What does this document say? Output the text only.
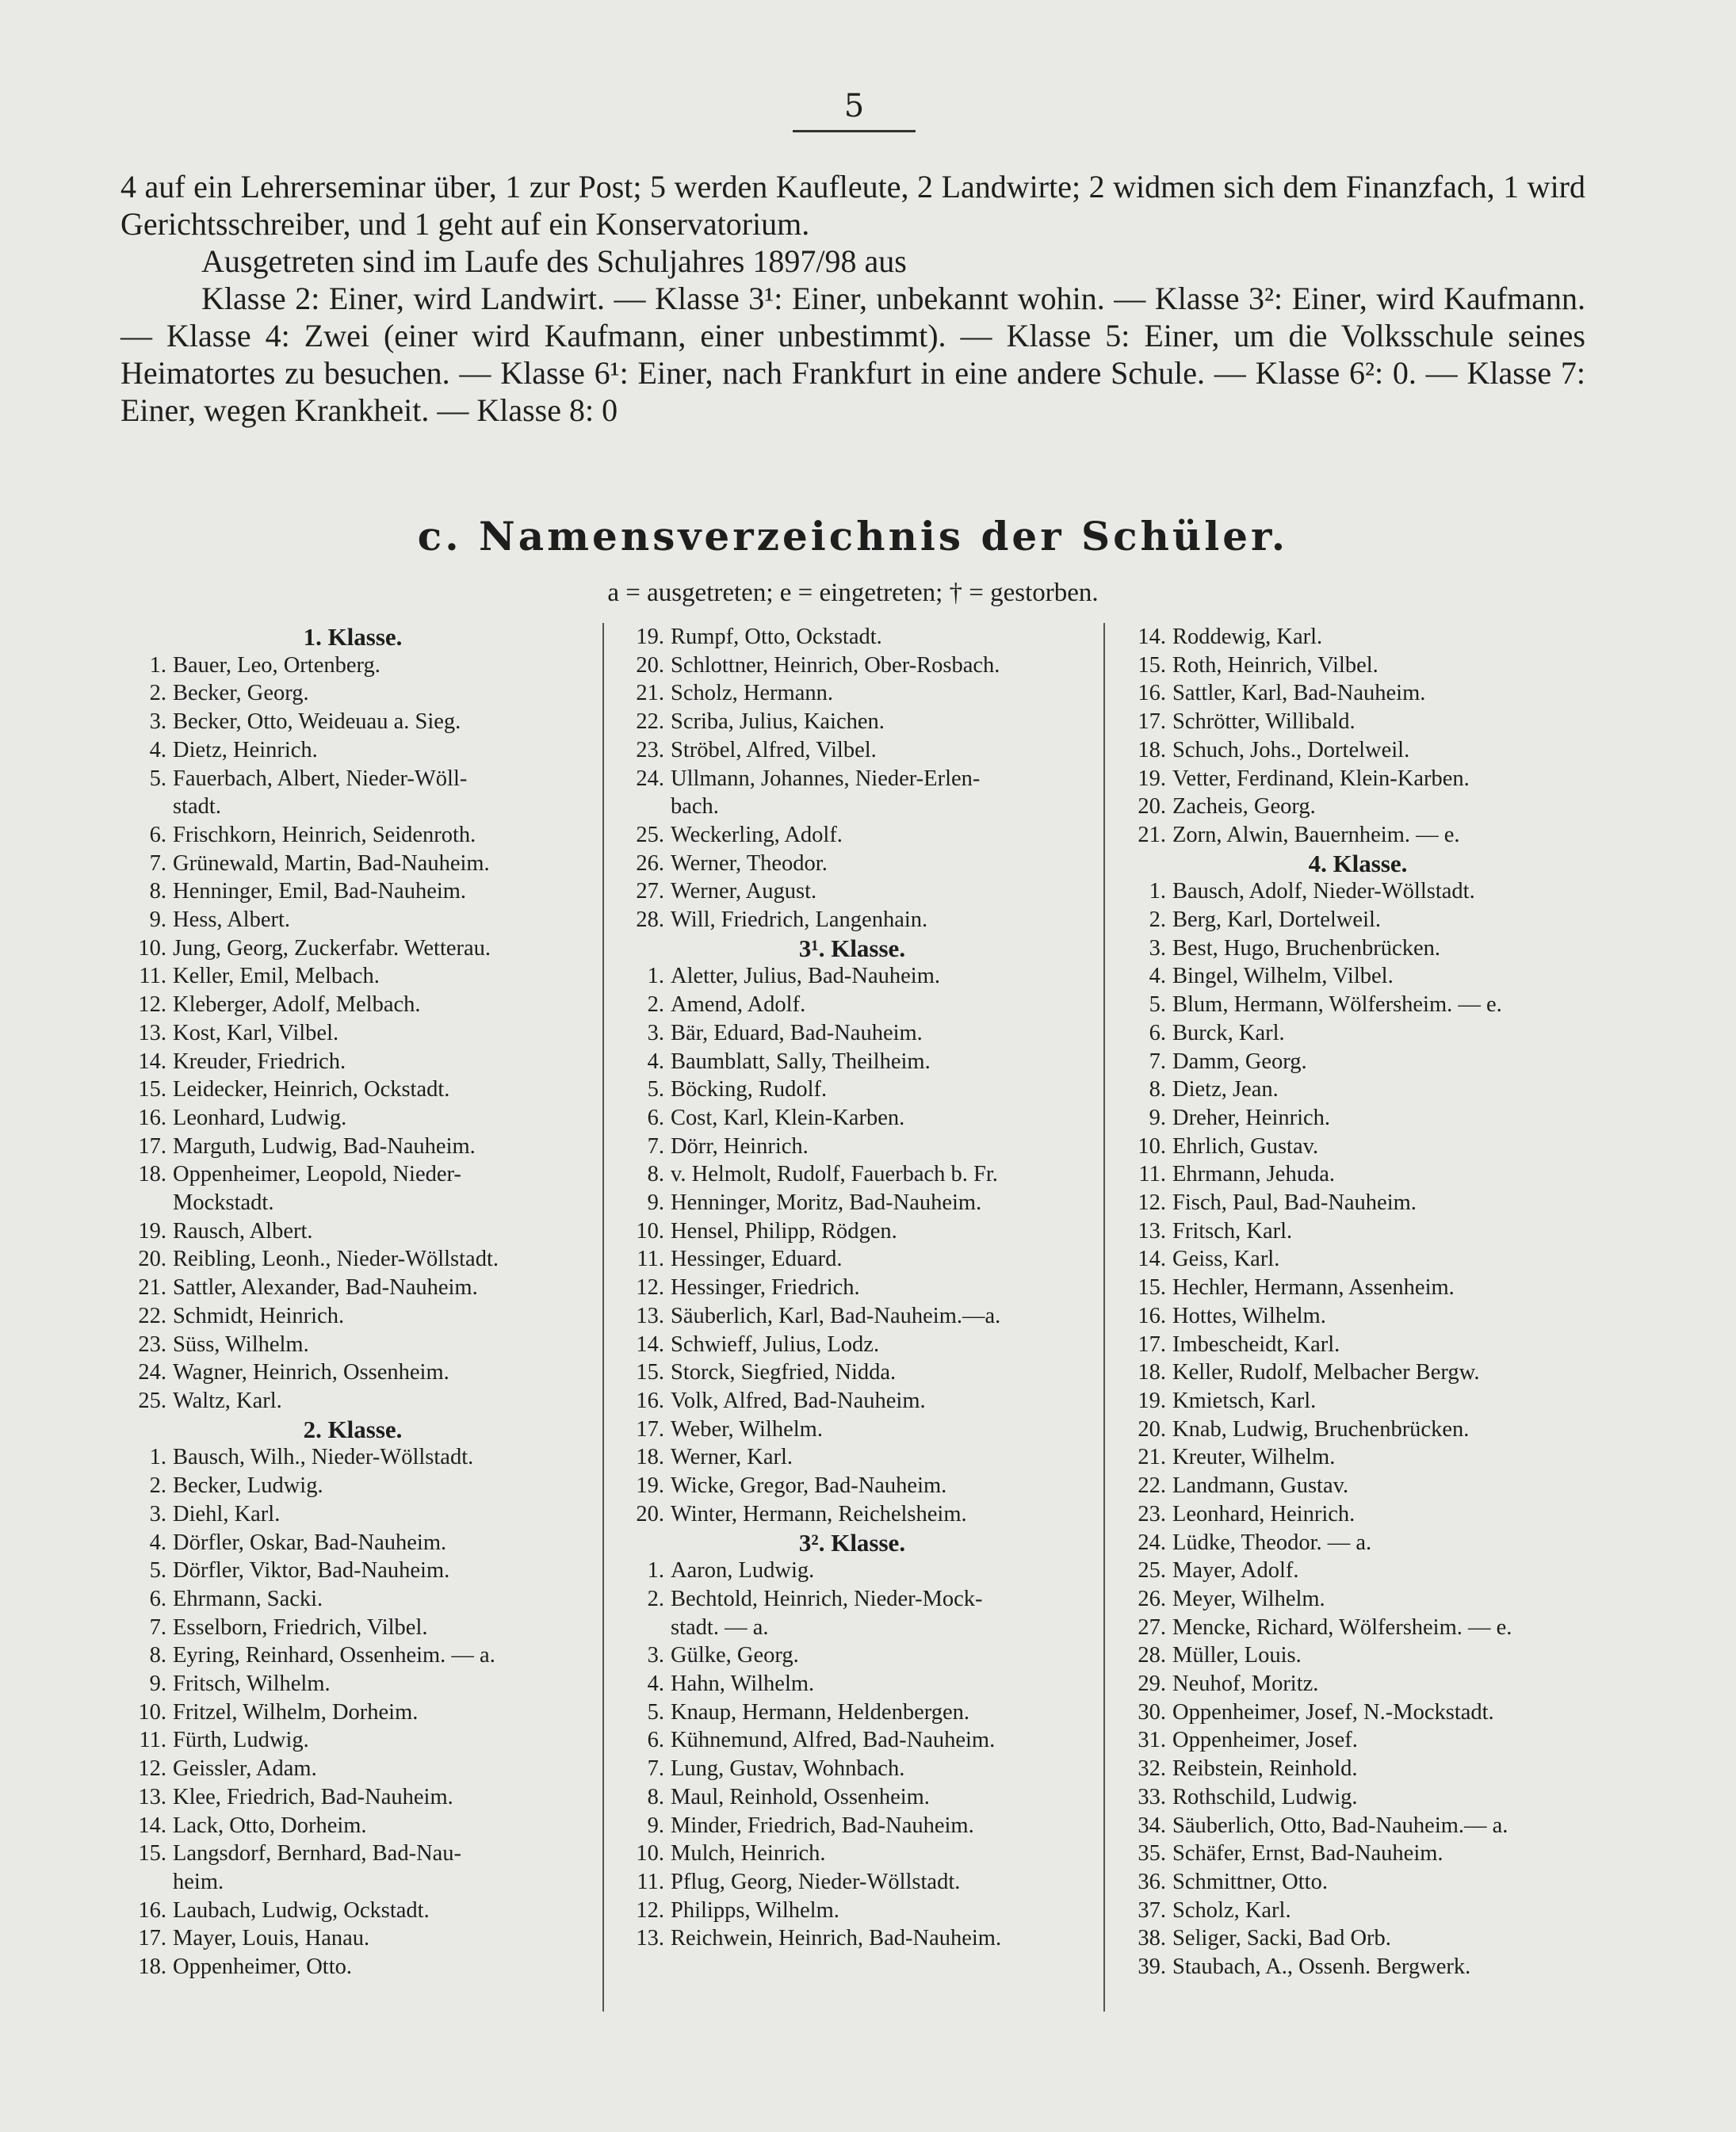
5

4 auf ein Lehrerseminar über, 1 zur Post; 5 werden Kaufleute, 2 Landwirte; 2 widmen sich dem Finanzfach, 1 wird Gerichtsschreiber, und 1 geht auf ein Konservatorium.

Ausgetreten sind im Laufe des Schuljahres 1897/98 aus

Klasse 2: Einer, wird Landwirt. — Klasse 3¹: Einer, unbekannt wohin. — Klasse 3²: Einer, wird Kaufmann. — Klasse 4: Zwei (einer wird Kaufmann, einer unbestimmt). — Klasse 5: Einer, um die Volksschule seines Heimatortes zu besuchen. — Klasse 6¹: Einer, nach Frankfurt in eine andere Schule. — Klasse 6²: 0. — Klasse 7: Einer, wegen Krankheit. — Klasse 8: 0

c. Namensverzeichnis der Schüler.
a = ausgetreten; e = eingetreten; † = gestorben.
1. Klasse.
1. Bauer, Leo, Ortenberg.
2. Becker, Georg.
3. Becker, Otto, Weideuau a. Sieg.
4. Dietz, Heinrich.
5. Fauerbach, Albert, Nieder-Wöll-
stadt.
6. Frischkorn, Heinrich, Seidenroth.
7. Grünewald, Martin, Bad-Nauheim.
8. Henninger, Emil, Bad-Nauheim.
9. Hess, Albert.
10. Jung, Georg, Zuckerfabr. Wetterau.
11. Keller, Emil, Melbach.
12. Kleberger, Adolf, Melbach.
13. Kost, Karl, Vilbel.
14. Kreuder, Friedrich.
15. Leidecker, Heinrich, Ockstadt.
16. Leonhard, Ludwig.
17. Marguth, Ludwig, Bad-Nauheim.
18. Oppenheimer, Leopold, Nieder-
Mockstadt.
19. Rausch, Albert.
20. Reibling, Leonh., Nieder-Wöllstadt.
21. Sattler, Alexander, Bad-Nauheim.
22. Schmidt, Heinrich.
23. Süss, Wilhelm.
24. Wagner, Heinrich, Ossenheim.
25. Waltz, Karl.
2. Klasse.
1. Bausch, Wilh., Nieder-Wöllstadt.
2. Becker, Ludwig.
3. Diehl, Karl.
4. Dörfler, Oskar, Bad-Nauheim.
5. Dörfler, Viktor, Bad-Nauheim.
6. Ehrmann, Sacki.
7. Esselborn, Friedrich, Vilbel.
8. Eyring, Reinhard, Ossenheim. — a.
9. Fritsch, Wilhelm.
10. Fritzel, Wilhelm, Dorheim.
11. Fürth, Ludwig.
12. Geissler, Adam.
13. Klee, Friedrich, Bad-Nauheim.
14. Lack, Otto, Dorheim.
15. Langsdorf, Bernhard, Bad-Nau-
heim.
16. Laubach, Ludwig, Ockstadt.
17. Mayer, Louis, Hanau.
18. Oppenheimer, Otto.
19. Rumpf, Otto, Ockstadt.
20. Schlottner, Heinrich, Ober-Rosbach.
21. Scholz, Hermann.
22. Scriba, Julius, Kaichen.
23. Ströbel, Alfred, Vilbel.
24. Ullmann, Johannes, Nieder-Erlen-
bach.
25. Weckerling, Adolf.
26. Werner, Theodor.
27. Werner, August.
28. Will, Friedrich, Langenhain.
3¹. Klasse.
1. Aletter, Julius, Bad-Nauheim.
2. Amend, Adolf.
3. Bär, Eduard, Bad-Nauheim.
4. Baumblatt, Sally, Theilheim.
5. Böcking, Rudolf.
6. Cost, Karl, Klein-Karben.
7. Dörr, Heinrich.
8. v. Helmolt, Rudolf, Fauerbach b. Fr.
9. Henninger, Moritz, Bad-Nauheim.
10. Hensel, Philipp, Rödgen.
11. Hessinger, Eduard.
12. Hessinger, Friedrich.
13. Säuberlich, Karl, Bad-Nauheim.—a.
14. Schwieff, Julius, Lodz.
15. Storck, Siegfried, Nidda.
16. Volk, Alfred, Bad-Nauheim.
17. Weber, Wilhelm.
18. Werner, Karl.
19. Wicke, Gregor, Bad-Nauheim.
20. Winter, Hermann, Reichelsheim.
3². Klasse.
1. Aaron, Ludwig.
2. Bechtold, Heinrich, Nieder-Mock-
stadt. — a.
3. Gülke, Georg.
4. Hahn, Wilhelm.
5. Knaup, Hermann, Heldenbergen.
6. Kühnemund, Alfred, Bad-Nauheim.
7. Lung, Gustav, Wohnbach.
8. Maul, Reinhold, Ossenheim.
9. Minder, Friedrich, Bad-Nauheim.
10. Mulch, Heinrich.
11. Pflug, Georg, Nieder-Wöllstadt.
12. Philipps, Wilhelm.
13. Reichwein, Heinrich, Bad-Nauheim.
14. Roddewig, Karl.
15. Roth, Heinrich, Vilbel.
16. Sattler, Karl, Bad-Nauheim.
17. Schrötter, Willibald.
18. Schuch, Johs., Dortelweil.
19. Vetter, Ferdinand, Klein-Karben.
20. Zacheis, Georg.
21. Zorn, Alwin, Bauernheim. — e.
4. Klasse.
1. Bausch, Adolf, Nieder-Wöllstadt.
2. Berg, Karl, Dortelweil.
3. Best, Hugo, Bruchenbrücken.
4. Bingel, Wilhelm, Vilbel.
5. Blum, Hermann, Wölfersheim. — e.
6. Burck, Karl.
7. Damm, Georg.
8. Dietz, Jean.
9. Dreher, Heinrich.
10. Ehrlich, Gustav.
11. Ehrmann, Jehuda.
12. Fisch, Paul, Bad-Nauheim.
13. Fritsch, Karl.
14. Geiss, Karl.
15. Hechler, Hermann, Assenheim.
16. Hottes, Wilhelm.
17. Imbescheidt, Karl.
18. Keller, Rudolf, Melbacher Bergw.
19. Kmietsch, Karl.
20. Knab, Ludwig, Bruchenbrücken.
21. Kreuter, Wilhelm.
22. Landmann, Gustav.
23. Leonhard, Heinrich.
24. Lüdke, Theodor. — a.
25. Mayer, Adolf.
26. Meyer, Wilhelm.
27. Mencke, Richard, Wölfersheim. — e.
28. Müller, Louis.
29. Neuhof, Moritz.
30. Oppenheimer, Josef, N.-Mockstadt.
31. Oppenheimer, Josef.
32. Reibstein, Reinhold.
33. Rothschild, Ludwig.
34. Säuberlich, Otto, Bad-Nauheim.— a.
35. Schäfer, Ernst, Bad-Nauheim.
36. Schmittner, Otto.
37. Scholz, Karl.
38. Seliger, Sacki, Bad Orb.
39. Staubach, A., Ossenh. Bergwerk.
